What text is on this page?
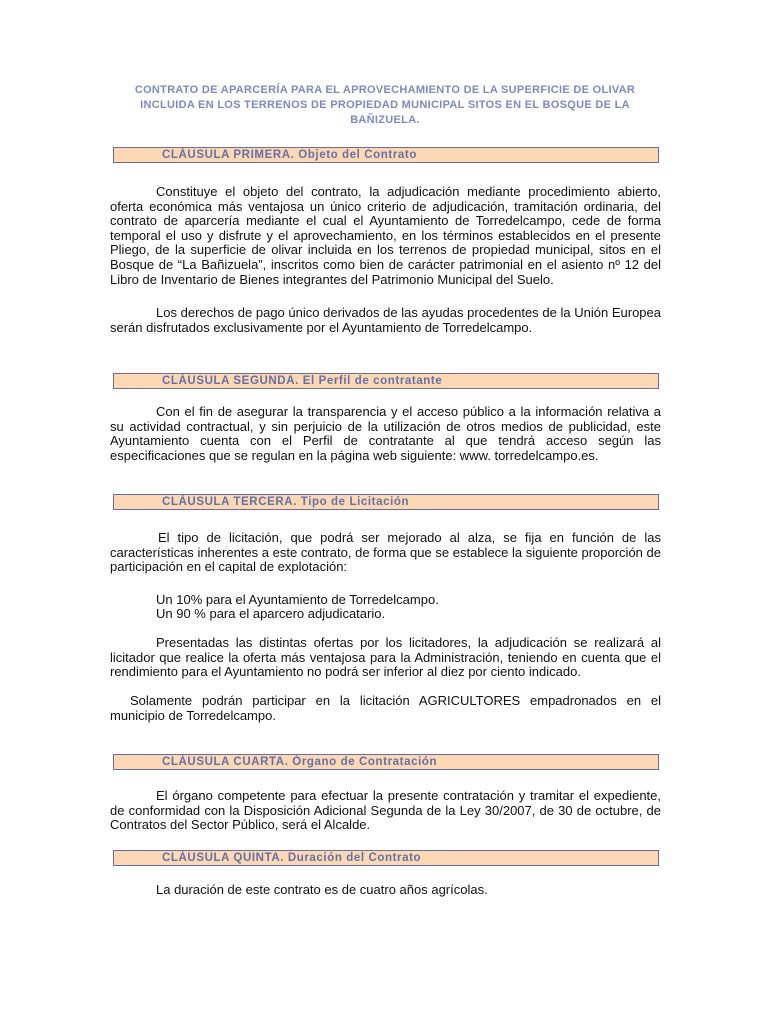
CONTRATO DE APARCERÍA PARA EL APROVECHAMIENTO DE LA SUPERFICIE DE OLIVAR INCLUIDA EN LOS TERRENOS DE PROPIEDAD MUNICIPAL SITOS EN EL BOSQUE DE LA BAÑIZUELA.
CLÁUSULA PRIMERA. Objeto del Contrato

Constituye el objeto del contrato, la adjudicación mediante procedimiento abierto, oferta económica más ventajosa un único criterio de adjudicación, tramitación ordinaria, del contrato de aparcería mediante el cual el Ayuntamiento de Torredelcampo, cede de forma temporal el uso y disfrute y el aprovechamiento, en los términos establecidos en el presente Pliego, de la superficie de olivar incluida en los terrenos de propiedad municipal, sitos en el Bosque de “La Bañizuela”, inscritos como bien de carácter patrimonial en el asiento nº 12 del Libro de Inventario de Bienes integrantes del Patrimonio Municipal del Suelo.

Los derechos de pago único derivados de las ayudas procedentes de la Unión Europea serán disfrutados exclusivamente por el Ayuntamiento de Torredelcampo.

CLÁUSULA SEGUNDA. El Perfil de contratante

Con el fin de asegurar la transparencia y el acceso público a la información relativa a su actividad contractual, y sin perjuicio de la utilización de otros medios de publicidad, este Ayuntamiento cuenta con el Perfil de contratante al que tendrá acceso según las especificaciones que se regulan en la página web siguiente: www. torredelcampo.es.

CLÁUSULA TERCERA. Tipo de Licitación

El tipo de licitación, que podrá ser mejorado al alza, se fija en función de las características inherentes a este contrato, de forma que se establece la siguiente proporción de participación en el capital de explotación:

Un 10% para el Ayuntamiento de Torredelcampo.

Un 90 % para el aparcero adjudicatario.

Presentadas las distintas ofertas por los licitadores, la adjudicación se realizará al licitador que realice la oferta más ventajosa para la Administración, teniendo en cuenta que el rendimiento para el Ayuntamiento no podrá ser inferior al diez por ciento indicado.

Solamente podrán participar en la licitación AGRICULTORES empadronados en el municipio de Torredelcampo.

CLÁUSULA CUARTA. Órgano de Contratación

El órgano competente para efectuar la presente contratación y tramitar el expediente, de conformidad con la Disposición Adicional Segunda de la Ley 30/2007, de 30 de octubre, de Contratos del Sector Público, será el Alcalde.

CLÁUSULA QUINTA. Duración del Contrato

La duración de este contrato es de cuatro años agrícolas.
